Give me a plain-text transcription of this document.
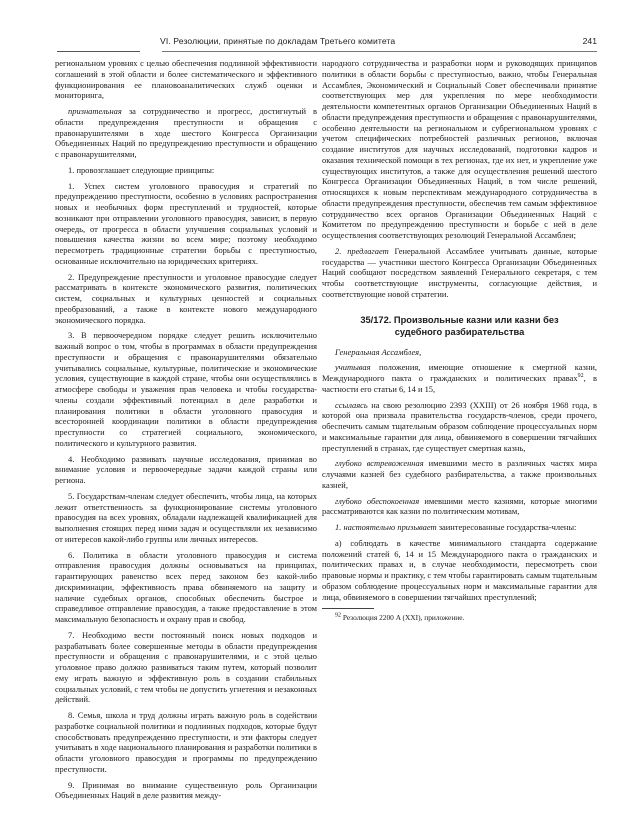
VI. Резолюции, принятые по докладам Третьего комитета	241

региональном уровнях с целью обеспечения подлинной эффективности соглашений в этой области и более систематического и эффективного функционирования ее плановоаналитических служб оценки и мониторинга,

признательная за сотрудничество и прогресс, достигнутый в области предупреждения преступности и обращения с правонарушителями в ходе шестого Конгресса Организации Объединенных Наций по предупреждению преступности и обращению с правонарушителями,

1. провозглашает следующие принципы:

1. Успех систем уголовного правосудия и стратегий по предупреждению преступности, особенно в условиях распространения новых и необычных форм преступлений и трудностей, которые возникают при отправлении уголовного правосудия, зависит, в первую очередь, от прогресса в области улучшения социальных условий и повышения качества жизни во всем мире; поэтому необходимо пересмотреть традиционные стратегии борьбы с преступностью, основанные исключительно на юридических критериях.

2. Предупреждение преступности и уголовное правосудие следует рассматривать в контексте экономического развития, политических систем, социальных и культурных ценностей и социальных преобразований, а также в контексте нового международного экономического порядка.

3. В первоочередном порядке следует решить исключительно важный вопрос о том, чтобы в программах в области предупреждения преступности и обращения с правонарушителями обязательно учитывались социальные, культурные, политические и экономические условия, существующие в каждой стране, чтобы они осуществлялись в атмосфере свободы и уважения прав человека и чтобы государства-члены создали эффективный потенциал в деле разработки и планирования политики в области уголовного правосудия и всесторонней координации политики в области предупреждения преступности со стратегией социального, экономического, политического и культурного развития.

4. Необходимо развивать научные исследования, принимая во внимание условия и первоочередные задачи каждой страны или региона.

5. Государствам-членам следует обеспечить, чтобы лица, на которых лежит ответственность за функционирование системы уголовного правосудия на всех уровнях, обладали надлежащей квалификацией для выполнения стоящих перед ними задач и осуществляли их независимо от интересов какой-либо группы или личных интересов.

6. Политика в области уголовного правосудия и система отправления правосудия должны основываться на принципах, гарантирующих равенство всех перед законом без какой-либо дискриминации, эффективность права обвиняемого на защиту и наличие судебных органов, способных обеспечить быстрое и справедливое отправление правосудия, а также предоставление в этом максимальную безопасность и охрану прав и свобод.

7. Необходимо вести постоянный поиск новых подходов и разрабатывать более совершенные методы в области предупреждения преступности и обращения с правонарушителями, и с этой целью уголовное право должно развиваться таким путем, который позволит ему играть важную и эффективную роль в создании стабильных социальных условий, с тем чтобы не допустить угнетения и незаконных действий.

8. Семья, школа и труд должны играть важную роль в содействии разработке социальной политики и подлинных подходов, которые будут способствовать предупреждению преступности, и эти факторы следует учитывать в ходе национального планирования и разработки политики в области уголовного правосудия и программы по предупреждению преступности.

9. Принимая во внимание существенную роль Организации Объединенных Наций в деле развития между-

народного сотрудничества и разработки норм и руководящих принципов политики в области борьбы с преступностью, важно, чтобы Генеральная Ассамблея, Экономический и Социальный Совет обеспечивали принятие соответствующих мер для укрепления по мере необходимости деятельности компетентных органов Организации Объединенных Наций в области предупреждения преступности и обращения с правонарушителями, особенно деятельности на региональном и субрегиональном уровнях с учетом специфических потребностей различных регионов, включая создание институтов для научных исследований, подготовки кадров и оказания технической помощи в тех регионах, где их нет, и укрепление уже существующих институтов, а также для осуществления решений шестого Конгресса Организации Объединенных Наций, в том числе решений, относящихся к новым перспективам международного сотрудничества в области предупреждения преступности, обеспечив тем самым эффективное сотрудничество всех органов Организации Объединенных Наций с Комитетом по предупреждению преступности и борьбе с ней в деле осуществления соответствующих резолюций Генеральной Ассамблеи;

2. предлагает Генеральной Ассамблее учитывать данные, которые государства — участники шестого Конгресса Организации Объединенных Наций сообщают посредством заявлений Генерального секретаря, с тем чтобы соответствующие инструменты, согласующие действия, и соответствующие новой стратегии.

35/172. Произвольные казни или казни без
судебного разбирательства

Генеральная Ассамблея,

учитывая положения, имеющие отношение к смертной казни, Международного пакта о гражданских и политических правах$^{92}$, в частности его статьи 6, 14 и 15,

ссылаясь на свою резолюцию 2393 (XXIII) от 26 ноября 1968 года, в которой она призвала правительства государств-членов, среди прочего, обеспечить самым тщательным образом соблюдение процессуальных норм и максимальные гарантии для лица, обвиняемого в совершении тягчайших преступлений в странах, где существует смертная казнь,

глубоко встревоженная имевшими место в различных частях мира случаями казней без судебного разбирательства, а также произвольных казней,

глубоко обеспокоенная имевшими место казнями, которые многими рассматриваются как казни по политическим мотивам,

1. настоятельно призывает заинтересованные государства-члены:

а) соблюдать в качестве минимального стандарта содержание положений статей 6, 14 и 15 Международного пакта о гражданских и политических правах и, в случае необходимости, пересмотреть свои правовые нормы и практику, с тем чтобы гарантировать самым тщательным образом соблюдение процессуальных норм и максимальные гарантии для лица, обвиняемого в совершении тягчайших преступлений;

$^{92}$ Резолюция 2200 A (XXI), приложение.
